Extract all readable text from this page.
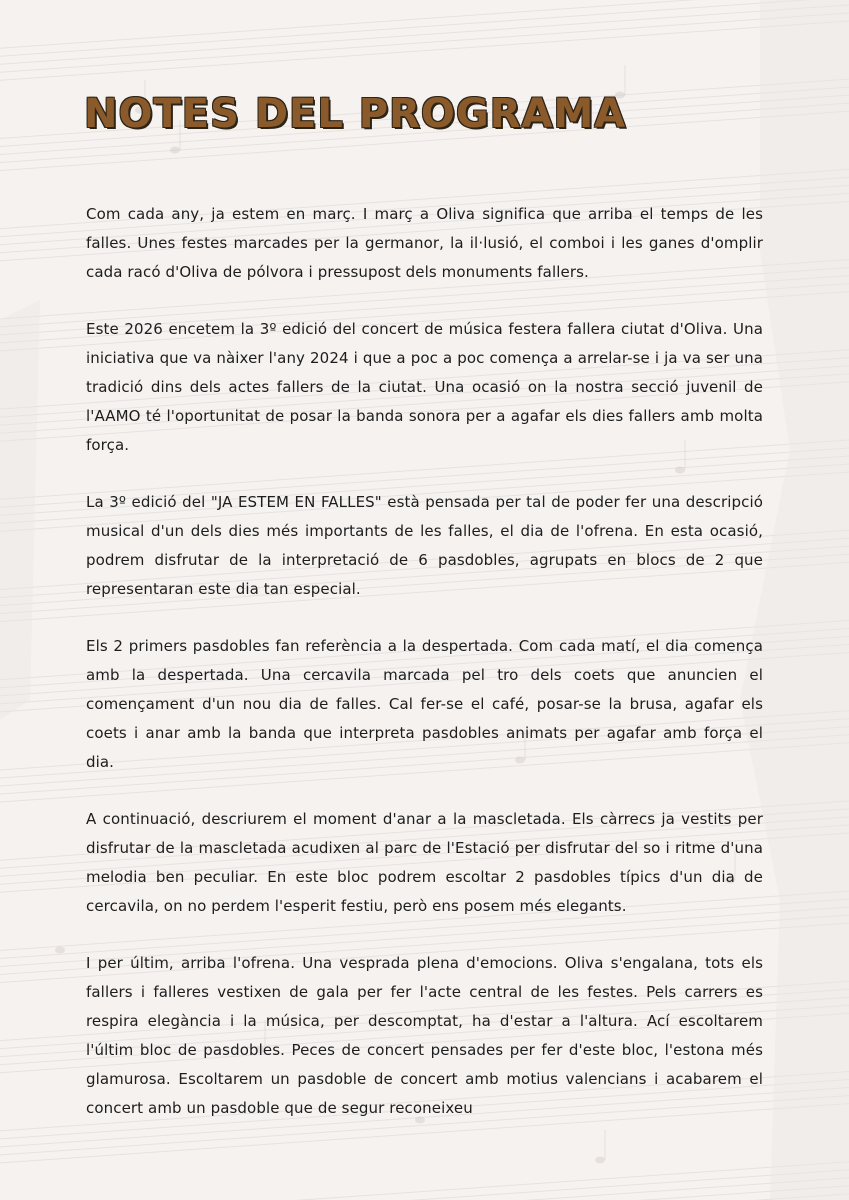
NOTES DEL PROGRAMA

Com cada any, ja estem en març. I març a Oliva significa que arriba el temps de les falles. Unes festes marcades per la germanor, la il·lusió, el comboi i les ganes d'omplir cada racó d'Oliva de pólvora i pressupost dels monuments fallers.

Este 2026 encetem la 3º edició del concert de música festera fallera ciutat d'Oliva. Una iniciativa que va nàixer l'any 2024 i que a poc a poc comença a arrelar-se i ja va ser una tradició dins dels actes fallers de la ciutat. Una ocasió on la nostra secció juvenil de l'AAMO té l'oportunitat de posar la banda sonora per a agafar els dies fallers amb molta força.

La 3º edició del "JA ESTEM EN FALLES" està pensada per tal de poder fer una descripció musical d'un dels dies més importants de les falles, el dia de l'ofrena. En esta ocasió, podrem disfrutar de la interpretació de 6 pasdobles, agrupats en blocs de 2 que representaran este dia tan especial.

Els 2 primers pasdobles fan referència a la despertada. Com cada matí, el dia comença amb la despertada. Una cercavila marcada pel tro dels coets que anuncien el començament d'un nou dia de falles. Cal fer-se el café, posar-se la brusa, agafar els coets i anar amb la banda que interpreta pasdobles animats per agafar amb força el dia.

A continuació, descriurem el moment d'anar a la mascletada. Els càrrecs ja vestits per disfrutar de la mascletada acudixen al parc de l'Estació per disfrutar del so i ritme d'una melodia ben peculiar. En este bloc podrem escoltar 2 pasdobles típics d'un dia de cercavila, on no perdem l'esperit festiu, però ens posem més elegants.

I per últim, arriba l'ofrena. Una vesprada plena d'emocions. Oliva s'engalana, tots els fallers i falleres vestixen de gala per fer l'acte central de les festes. Pels carrers es respira elegància i la música, per descomptat, ha d'estar a l'altura. Ací escoltarem l'últim bloc de pasdobles. Peces de concert pensades per fer d'este bloc, l'estona més glamurosa. Escoltarem un pasdoble de concert amb motius valencians i acabarem el concert amb un pasdoble que de segur reconeixeu
